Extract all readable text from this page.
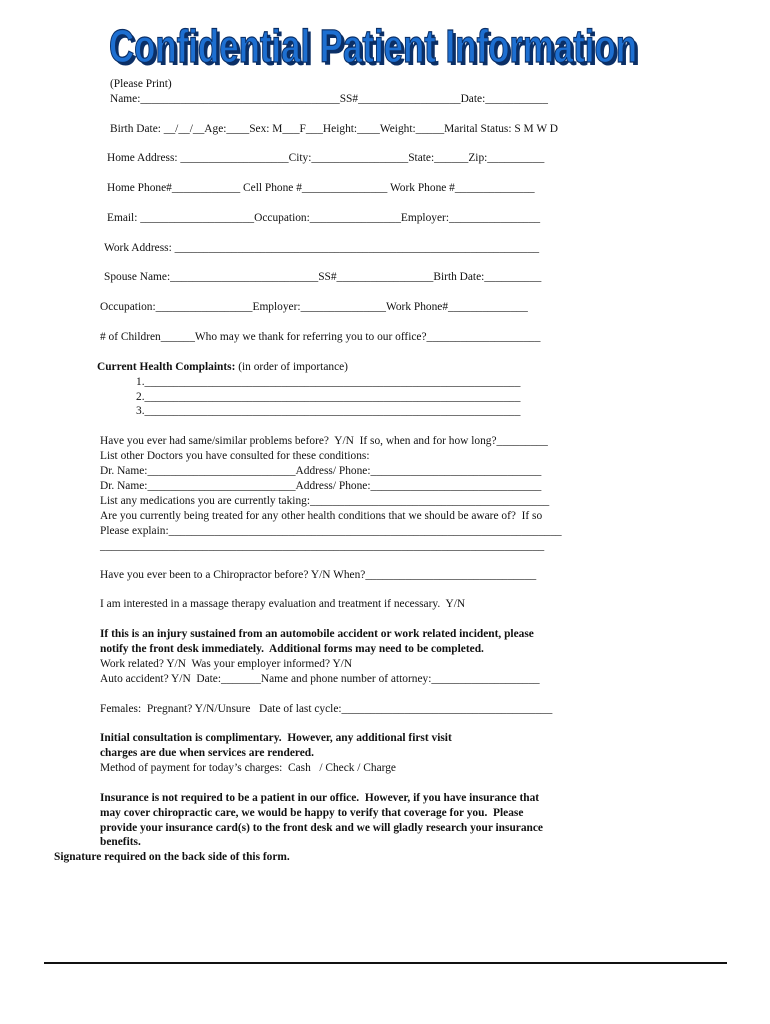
Confidential Patient Information
Confidential Patient Information
(Please Print)
Name:___________________________________SS#__________________Date:___________
Birth Date: __/__/__Age:____Sex: M___F___Height:____Weight:_____Marital Status: S M W D
Home Address: ___________________City:_________________State:______Zip:__________
Home Phone#____________ Cell Phone #_______________ Work Phone #______________
Email: ____________________Occupation:________________Employer:________________
Work Address: ________________________________________________________________
Spouse Name:__________________________SS#_________________Birth Date:__________
Occupation:_________________Employer:_______________Work Phone#______________
# of Children______Who may we thank for referring you to our office?____________________
Current Health Complaints: (in order of importance)
1.__________________________________________________________________
2.__________________________________________________________________
3.__________________________________________________________________
Have you ever had same/similar problems before?  Y/N  If so, when and for how long?_________
List other Doctors you have consulted for these conditions:
Dr. Name:__________________________Address/ Phone:______________________________
Dr. Name:__________________________Address/ Phone:______________________________
List any medications you are currently taking:__________________________________________
Are you currently being treated for any other health conditions that we should be aware of?  If so
Please explain:_____________________________________________________________________
______________________________________________________________________________
Have you ever been to a Chiropractor before? Y/N When?______________________________
I am interested in a massage therapy evaluation and treatment if necessary.  Y/N
If this is an injury sustained from an automobile accident or work related incident, please
notify the front desk immediately.  Additional forms may need to be completed.
Work related? Y/N  Was your employer informed? Y/N
Auto accident? Y/N  Date:_______Name and phone number of attorney:___________________
Females:  Pregnant? Y/N/Unsure   Date of last cycle:_____________________________________
Initial consultation is complimentary.  However, any additional first visit
charges are due when services are rendered.
Method of payment for today’s charges:  Cash   / Check / Charge
Insurance is not required to be a patient in our office.  However, if you have insurance that
may cover chiropractic care, we would be happy to verify that coverage for you.  Please
provide your insurance card(s) to the front desk and we will gladly research your insurance
benefits.
Signature required on the back side of this form.
